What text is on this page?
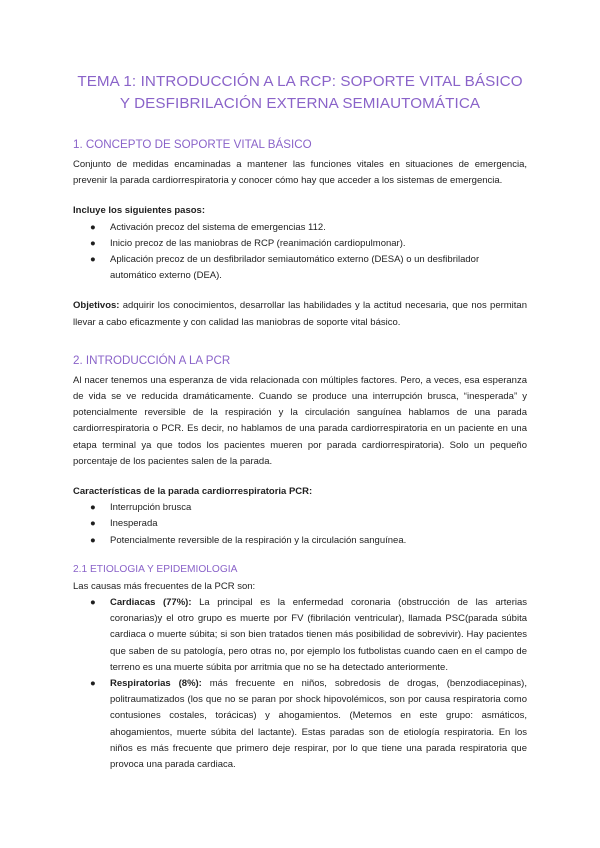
TEMA 1: INTRODUCCIÓN A LA RCP: SOPORTE VITAL BÁSICO Y DESFIBRILACIÓN EXTERNA SEMIAUTOMÁTICA
1. CONCEPTO DE SOPORTE VITAL BÁSICO

Conjunto de medidas encaminadas a mantener las funciones vitales en situaciones de emergencia, prevenir la parada cardiorrespiratoria y conocer cómo hay que acceder a los sistemas de emergencia.

Incluye los siguientes pasos:

● Activación precoz del sistema de emergencias 112.
● Inicio precoz de las maniobras de RCP (reanimación cardiopulmonar).
● Aplicación precoz de un desfibrilador semiautomático externo (DESA) o un desfibrilador automático externo (DEA).

Objetivos: adquirir los conocimientos, desarrollar las habilidades y la actitud necesaria, que nos permitan llevar a cabo eficazmente y con calidad las maniobras de soporte vital básico.

2. INTRODUCCIÓN A LA PCR

Al nacer tenemos una esperanza de vida relacionada con múltiples factores. Pero, a veces, esa esperanza de vida se ve reducida dramáticamente. Cuando se produce una interrupción brusca, “inesperada” y potencialmente reversible de la respiración y la circulación sanguínea hablamos de una parada cardiorrespiratoria o PCR. Es decir, no hablamos de una parada cardiorrespiratoria en un paciente en una etapa terminal ya que todos los pacientes mueren por parada cardiorrespiratoria). Solo un pequeño porcentaje de los pacientes salen de la parada.

Características de la parada cardiorrespiratoria PCR:

● Interrupción brusca
● Inesperada
● Potencialmente reversible de la respiración y la circulación sanguínea.
2.1 ETIOLOGIA Y EPIDEMIOLOGIA

Las causas más frecuentes de la PCR son:

● Cardiacas (77%): La principal es la enfermedad coronaria (obstrucción de las arterias coronarias)y el otro grupo es muerte por FV (fibrilación ventricular), llamada PSC(parada súbita cardiaca o muerte súbita; si son bien tratados tienen más posibilidad de sobrevivir). Hay pacientes que saben de su patología, pero otras no, por ejemplo los futbolistas cuando caen en el campo de terreno es una muerte súbita por arritmia que no se ha detectado anteriormente.
● Respiratorias (8%): más frecuente en niños, sobredosis de drogas, (benzodiacepinas), politraumatizados (los que no se paran por shock hipovolémicos, son por causa respiratoria como contusiones costales, torácicas) y ahogamientos. (Metemos en este grupo: asmáticos, ahogamientos, muerte súbita del lactante). Estas paradas son de etiología respiratoria. En los niños es más frecuente que primero deje respirar, por lo que tiene una parada respiratoria que provoca una parada cardiaca.
